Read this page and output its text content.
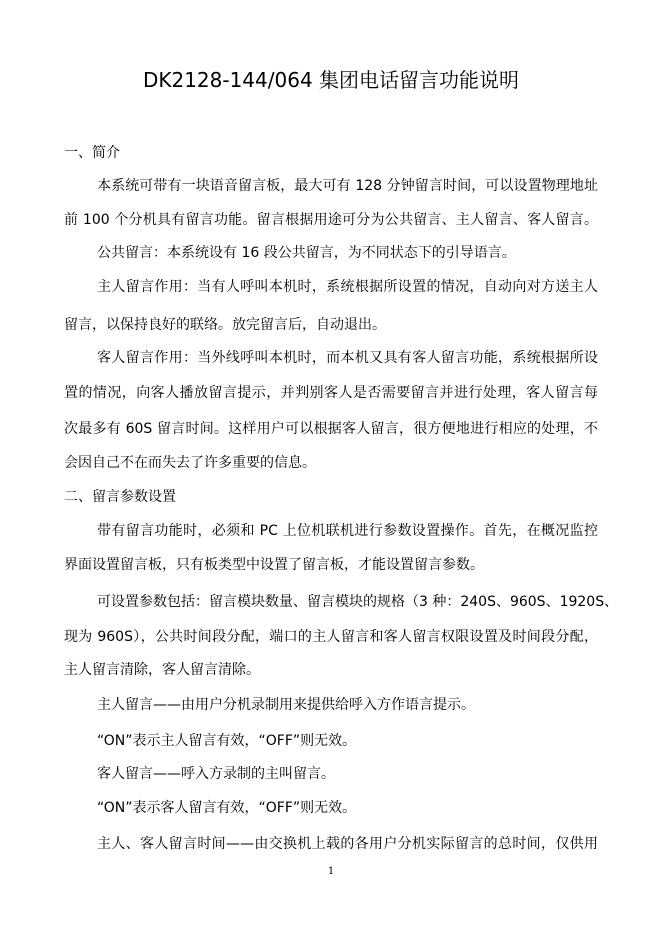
DK2128-144/064 集团电话留言功能说明
一、简介
本系统可带有一块语音留言板，最大可有 128 分钟留言时间，可以设置物理地址
前 100 个分机具有留言功能。留言根据用途可分为公共留言、主人留言、客人留言。
公共留言：本系统设有 16 段公共留言，为不同状态下的引导语言。
主人留言作用：当有人呼叫本机时，系统根据所设置的情况，自动向对方送主人
留言，以保持良好的联络。放完留言后，自动退出。
客人留言作用：当外线呼叫本机时，而本机又具有客人留言功能，系统根据所设
置的情况，向客人播放留言提示，并判别客人是否需要留言并进行处理，客人留言每
次最多有 60S 留言时间。这样用户可以根据客人留言，很方便地进行相应的处理，不
会因自己不在而失去了许多重要的信息。
二、留言参数设置
带有留言功能时，必须和 PC 上位机联机进行参数设置操作。首先，在概况监控
界面设置留言板，只有板类型中设置了留言板，才能设置留言参数。
可设置参数包括：留言模块数量、留言模块的规格（3 种：240S、960S、1920S、
现为 960S），公共时间段分配，端口的主人留言和客人留言权限设置及时间段分配，
主人留言清除，客人留言清除。
主人留言——由用户分机录制用来提供给呼入方作语言提示。
“ON”表示主人留言有效，“OFF”则无效。
客人留言——呼入方录制的主叫留言。
“ON”表示客人留言有效，“OFF”则无效。
主人、客人留言时间——由交换机上载的各用户分机实际留言的总时间，仅供用
1
